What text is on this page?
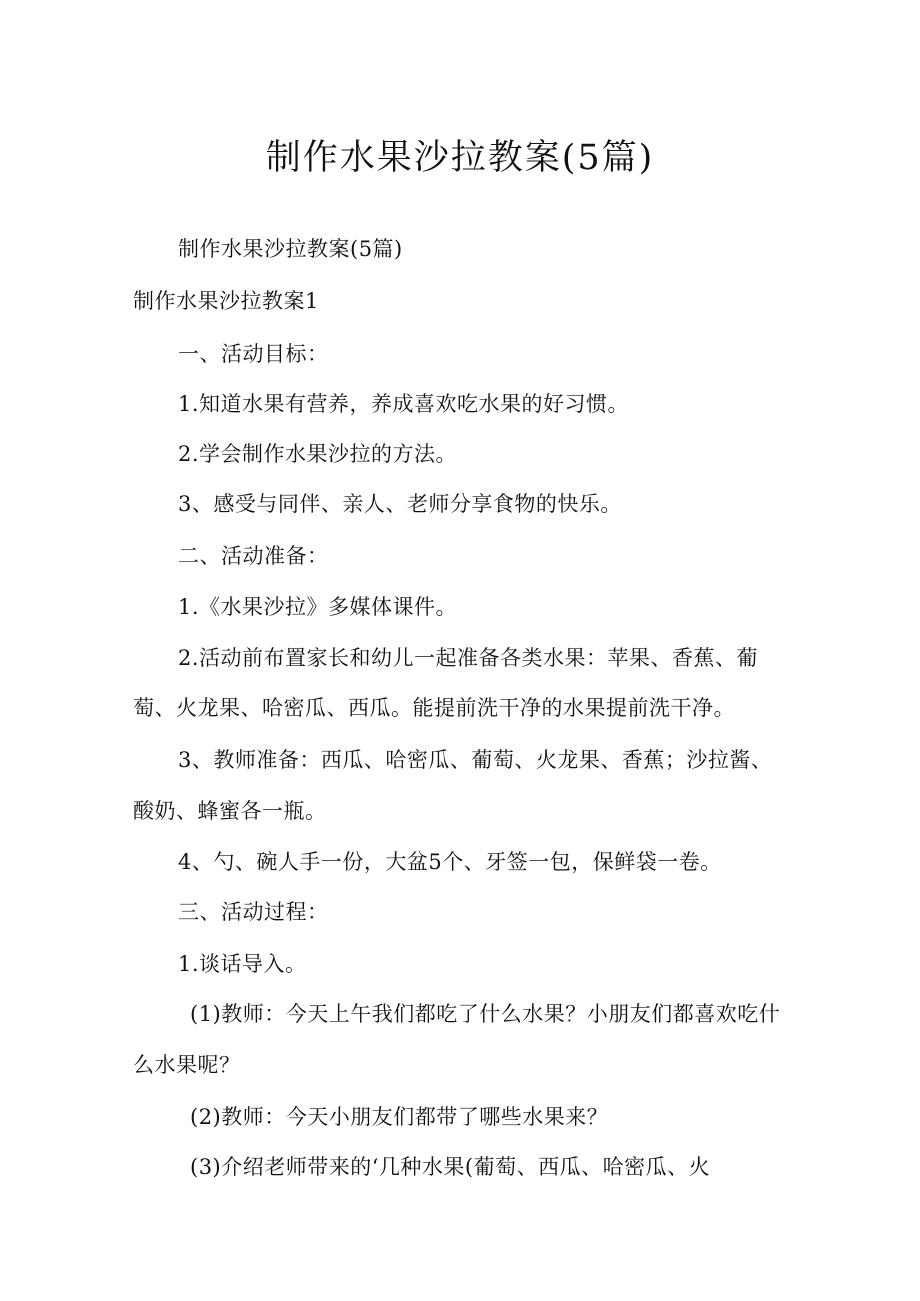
制作水果沙拉教案(5篇)
制作水果沙拉教案(5篇)
制作水果沙拉教案1
一、活动目标：
1.知道水果有营养，养成喜欢吃水果的好习惯。
2.学会制作水果沙拉的方法。
3、感受与同伴、亲人、老师分享食物的快乐。
二、活动准备：
1.《水果沙拉》多媒体课件。
2.活动前布置家长和幼儿一起准备各类水果：苹果、香蕉、葡
萄、火龙果、哈密瓜、西瓜。能提前洗干净的水果提前洗干净。
3、教师准备：西瓜、哈密瓜、葡萄、火龙果、香蕉；沙拉酱、
酸奶、蜂蜜各一瓶。
4、勺、碗人手一份，大盆5个、牙签一包，保鲜袋一卷。
三、活动过程：
1.谈话导入。
(1)教师：今天上午我们都吃了什么水果？小朋友们都喜欢吃什
么水果呢？
(2)教师：今天小朋友们都带了哪些水果来？
(3)介绍老师带来的‘几种水果(葡萄、西瓜、哈密瓜、火
